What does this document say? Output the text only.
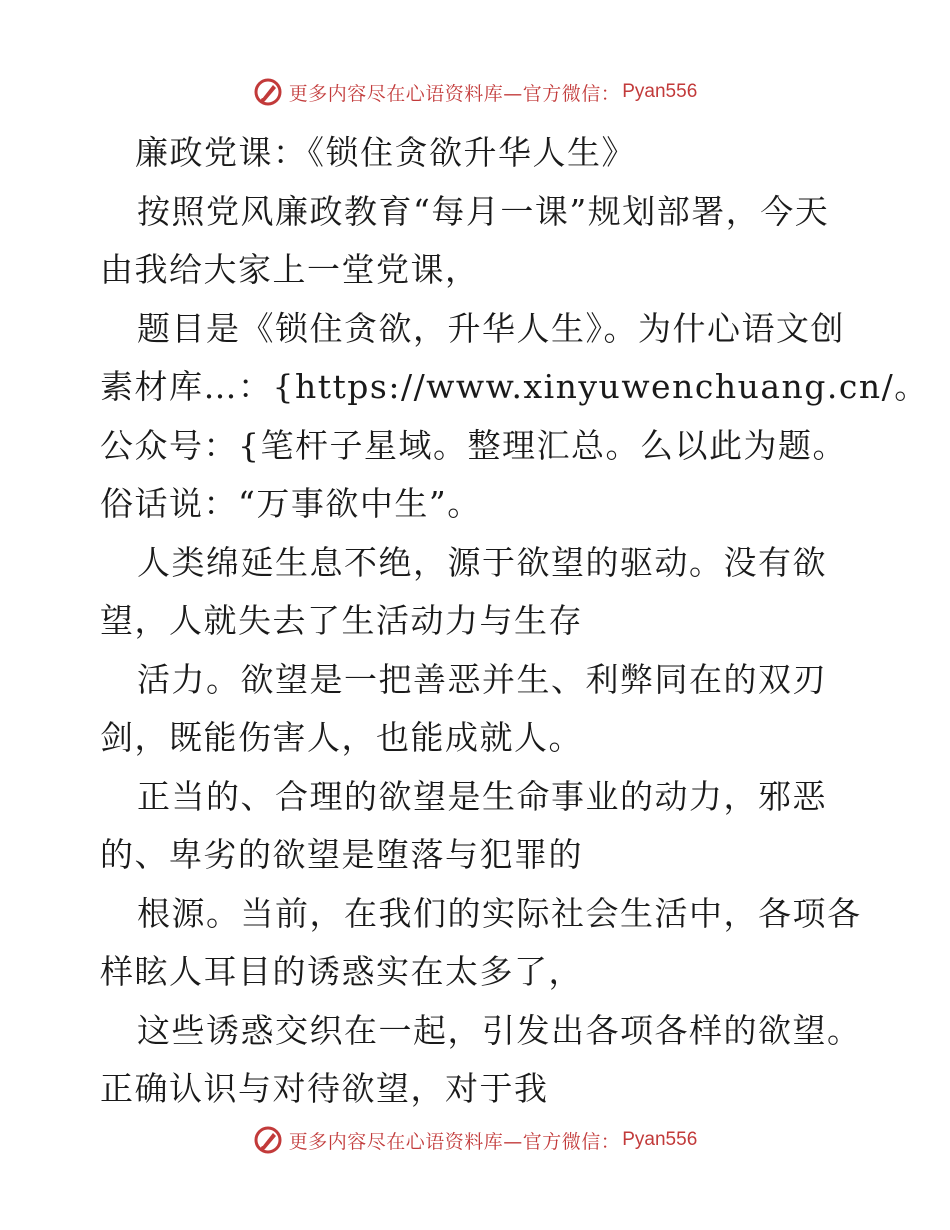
更多内容尽在心语资料库—官方微信： Pyan556
廉政党课：《锁住贪欲升华人生》
按照党风廉政教育“每月一课”规划部署，今天
由我给大家上一堂党课，
题目是《锁住贪欲，升华人生》。为什心语文创
素材库…：{https://www.xinyuwenchuang.cn/。
公众号：{笔杆子星域。整理汇总。么以此为题。
俗话说：“万事欲中生”。
人类绵延生息不绝，源于欲望的驱动。没有欲
望，人就失去了生活动力与生存
活力。欲望是一把善恶并生、利弊同在的双刃
剑，既能伤害人，也能成就人。
正当的、合理的欲望是生命事业的动力，邪恶
的、卑劣的欲望是堕落与犯罪的
根源。当前，在我们的实际社会生活中，各项各
样眩人耳目的诱惑实在太多了，
这些诱惑交织在一起，引发出各项各样的欲望。
正确认识与对待欲望，对于我
更多内容尽在心语资料库—官方微信： Pyan556
